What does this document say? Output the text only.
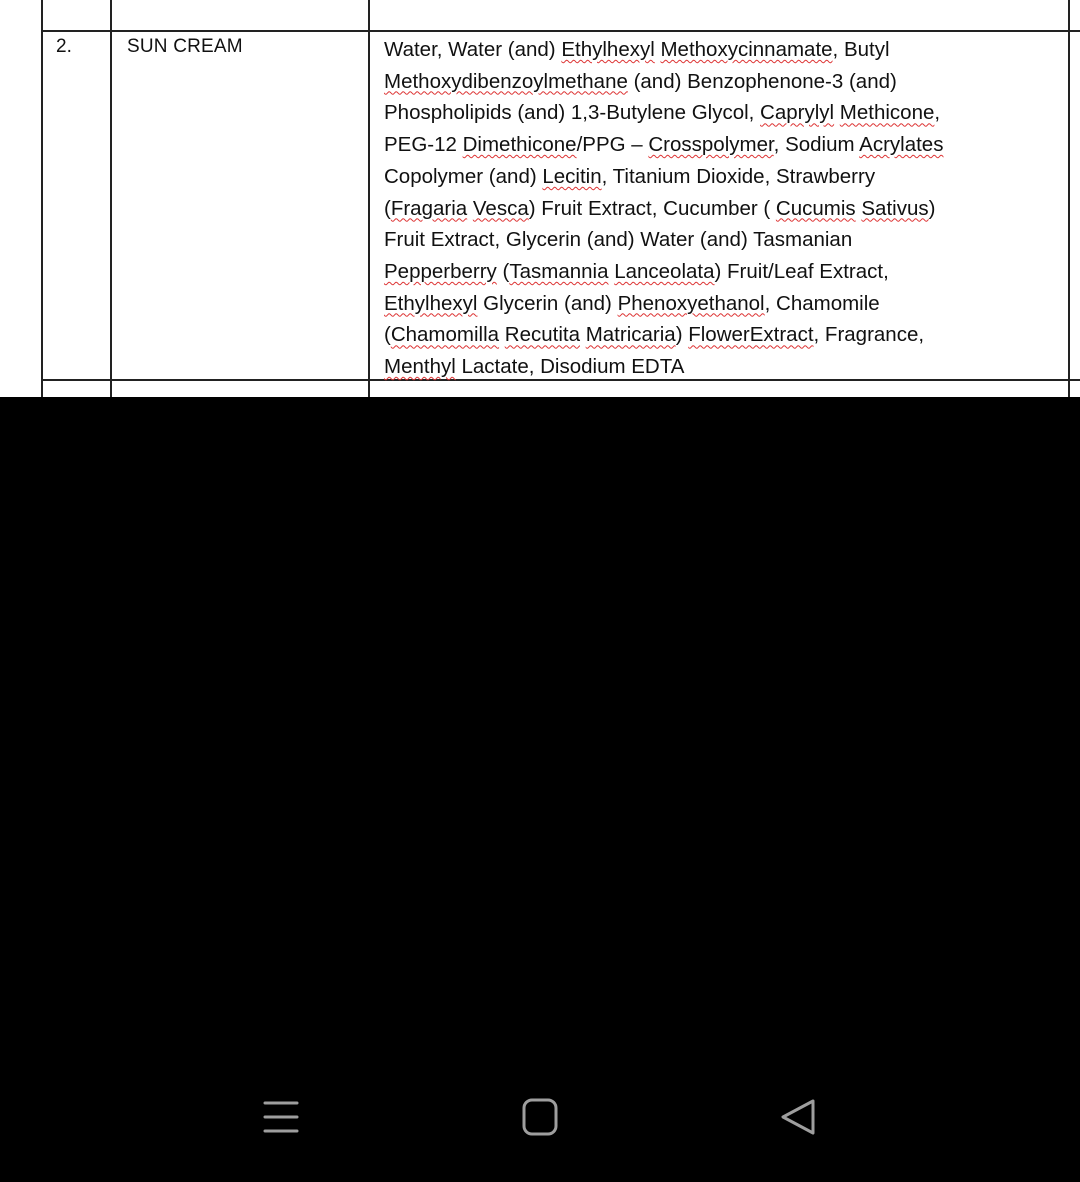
2.	SUN CREAM	Water, Water (and) Ethylhexyl Methoxycinnamate, Butyl
Methoxydibenzoylmethane (and) Benzophenone-3 (and)
Phospholipids (and) 1,3-Butylene Glycol, Caprylyl Methicone,
PEG-12 Dimethicone/PPG – Crosspolymer, Sodium Acrylates
Copolymer (and) Lecitin, Titanium Dioxide, Strawberry
(Fragaria Vesca) Fruit Extract, Cucumber ( Cucumis Sativus)
Fruit Extract, Glycerin (and) Water (and) Tasmanian
Pepperberry (Tasmannia Lanceolata) Fruit/Leaf Extract,
Ethylhexyl Glycerin (and) Phenoxyethanol, Chamomile
(Chamomilla Recutita Matricaria) FlowerExtract, Fragrance,
Menthyl Lactate, Disodium EDTA
